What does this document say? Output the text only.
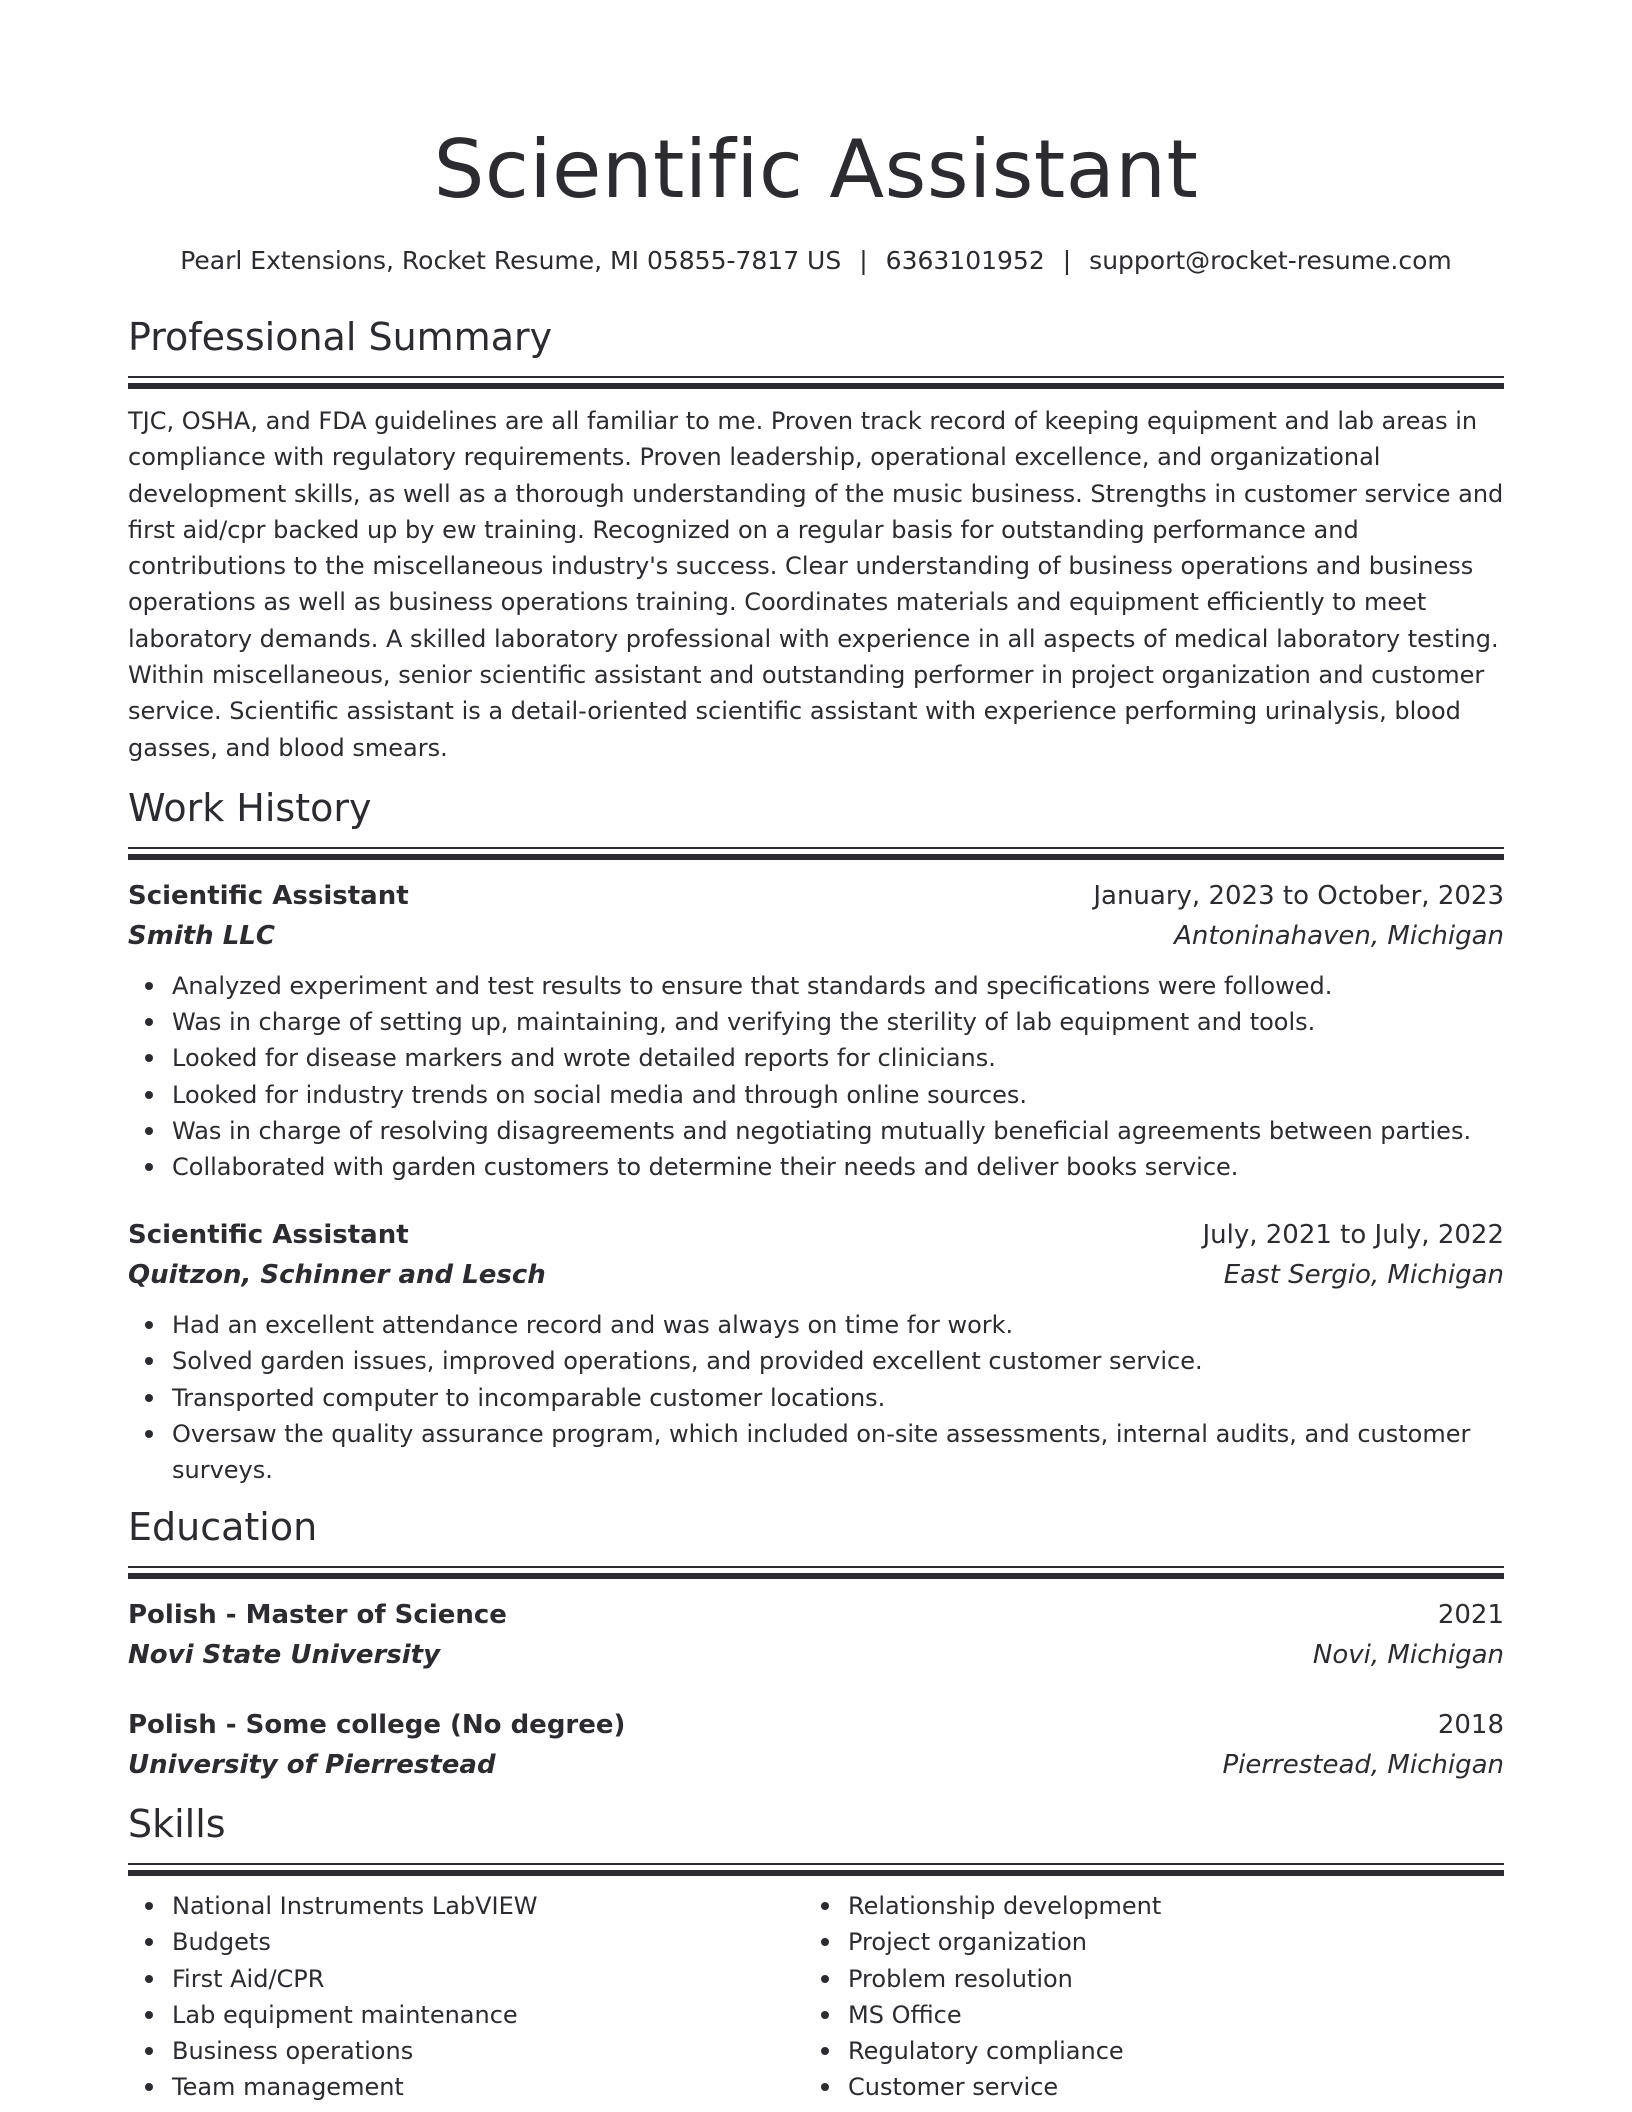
Scientific Assistant
Pearl Extensions, Rocket Resume, MI 05855-7817 US | 6363101952 | support@rocket-resume.com
Professional Summary

TJC, OSHA, and FDA guidelines are all familiar to me. Proven track record of keeping equipment and lab areas in compliance with regulatory requirements. Proven leadership, operational excellence, and organizational development skills, as well as a thorough understanding of the music business. Strengths in customer service and first aid/cpr backed up by ew training. Recognized on a regular basis for outstanding performance and contributions to the miscellaneous industry's success. Clear understanding of business operations and business operations as well as business operations training. Coordinates materials and equipment efficiently to meet laboratory demands. A skilled laboratory professional with experience in all aspects of medical laboratory testing. Within miscellaneous, senior scientific assistant and outstanding performer in project organization and customer service. Scientific assistant is a detail-oriented scientific assistant with experience performing urinalysis, blood gasses, and blood smears.

Work History
Scientific Assistant	January, 2023 to October, 2023
Smith LLC	Antoninahaven, Michigan
Analyzed experiment and test results to ensure that standards and specifications were followed.
Was in charge of setting up, maintaining, and verifying the sterility of lab equipment and tools.
Looked for disease markers and wrote detailed reports for clinicians.
Looked for industry trends on social media and through online sources.
Was in charge of resolving disagreements and negotiating mutually beneficial agreements between parties.
Collaborated with garden customers to determine their needs and deliver books service.
Scientific Assistant	July, 2021 to July, 2022
Quitzon, Schinner and Lesch	East Sergio, Michigan
Had an excellent attendance record and was always on time for work.
Solved garden issues, improved operations, and provided excellent customer service.
Transported computer to incomparable customer locations.
Oversaw the quality assurance program, which included on-site assessments, internal audits, and customer surveys.
Education
Polish - Master of Science	2021
Novi State University	Novi, Michigan
Polish - Some college (No degree)	2018
University of Pierrestead	Pierrestead, Michigan
Skills
National Instruments LabVIEW
Budgets
First Aid/CPR
Lab equipment maintenance
Business operations
Team management
Relationship development
Project organization
Problem resolution
MS Office
Regulatory compliance
Customer service
